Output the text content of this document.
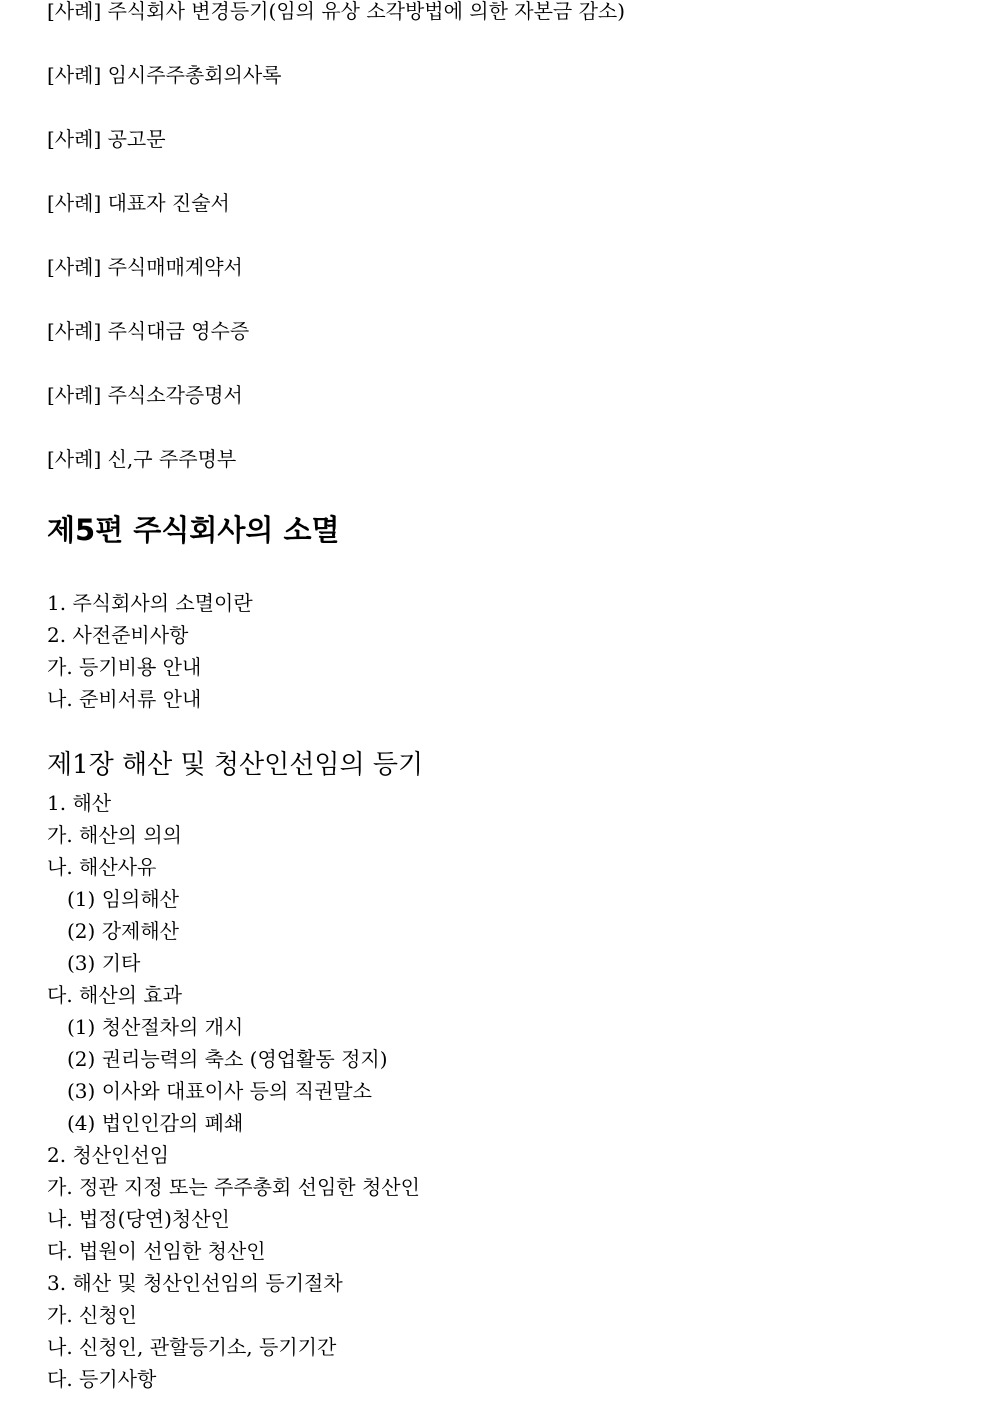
[사례] 주식회사 변경등기(임의 유상 소각방법에 의한 자본금 감소)
[사례] 임시주주총회의사록
[사례] 공고문
[사례] 대표자 진술서
[사례] 주식매매계약서
[사례] 주식대금 영수증
[사례] 주식소각증명서
[사례] 신,구 주주명부
제5편 주식회사의 소멸
1. 주식회사의 소멸이란
2. 사전준비사항
가. 등기비용 안내
나. 준비서류 안내
제1장 해산 및 청산인선임의 등기
1. 해산
가. 해산의 의의
나. 해산사유
(1) 임의해산
(2) 강제해산
(3) 기타
다. 해산의 효과
(1) 청산절차의 개시
(2) 권리능력의 축소 (영업활동 정지)
(3) 이사와 대표이사 등의 직권말소
(4) 법인인감의 폐쇄
2. 청산인선임
가. 정관 지정 또는 주주총회 선임한 청산인
나. 법정(당연)청산인
다. 법원이 선임한 청산인
3. 해산 및 청산인선임의 등기절차
가. 신청인
나. 신청인, 관할등기소, 등기기간
다. 등기사항
